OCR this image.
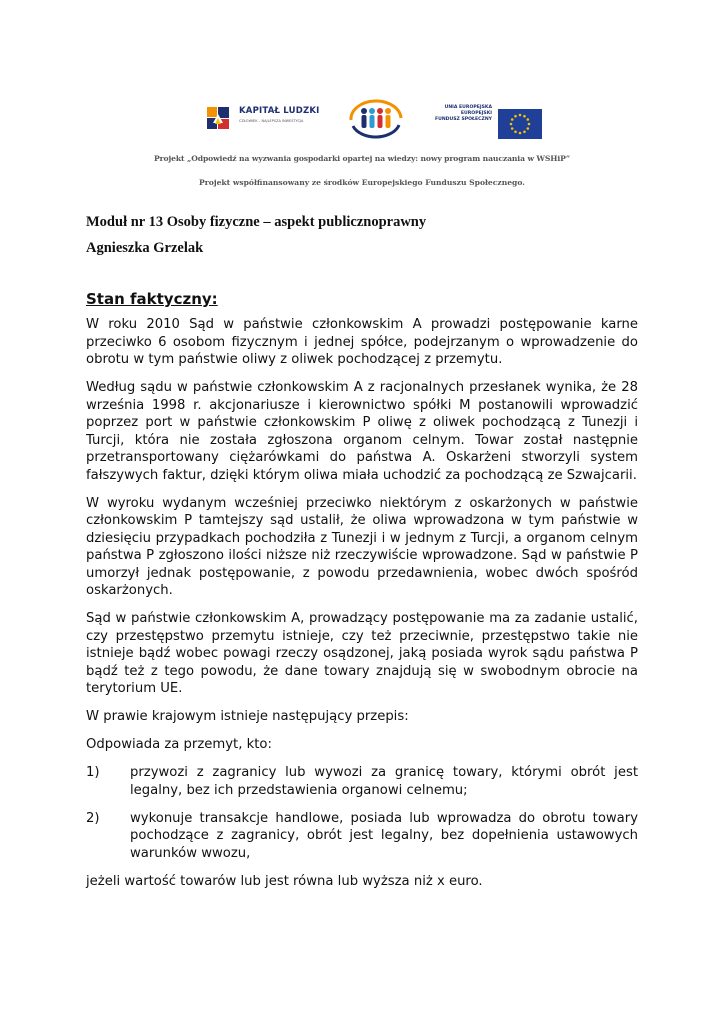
KAPITAŁ LUDZKI
CZŁOWIEK – NAJLEPSZA INWESTYCJA
UNIA EUROPEJSKA
EUROPEJSKI
FUNDUSZ SPOŁECZNY
Projekt „Odpowiedź na wyzwania gospodarki opartej na wiedzy: nowy program nauczania w WSHiP”
Projekt współfinansowany ze środków Europejskiego Funduszu Społecznego.
Moduł nr 13 Osoby fizyczne – aspekt publicznoprawny
Agnieszka Grzelak
Stan faktyczny:

W roku 2010 Sąd w państwie członkowskim A prowadzi postępowanie karne przeciwko 6 osobom fizycznym i jednej spółce, podejrzanym o wprowadzenie do obrotu w tym państwie oliwy z oliwek pochodzącej z przemytu.

Według sądu w państwie członkowskim A z racjonalnych przesłanek wynika, że 28 września 1998 r. akcjonariusze i kierownictwo spółki M postanowili wprowadzić poprzez port w państwie członkowskim P oliwę z oliwek pochodzącą z Tunezji i Turcji, która nie została zgłoszona organom celnym. Towar został następnie przetransportowany ciężarówkami do państwa A. Oskarżeni stworzyli system fałszywych faktur, dzięki którym oliwa miała uchodzić za pochodzącą ze Szwajcarii.

W wyroku wydanym wcześniej przeciwko niektórym z oskarżonych w państwie członkowskim P tamtejszy sąd ustalił, że oliwa wprowadzona w tym państwie w dziesięciu przypadkach pochodziła z Tunezji i w jednym z Turcji, a organom celnym państwa P zgłoszono ilości niższe niż rzeczywiście wprowadzone. Sąd w państwie P umorzył jednak postępowanie, z powodu przedawnienia, wobec dwóch spośród oskarżonych.

Sąd w państwie członkowskim A, prowadzący postępowanie ma za zadanie ustalić, czy przestępstwo przemytu istnieje, czy też przeciwnie, przestępstwo takie nie istnieje bądź wobec powagi rzeczy osądzonej, jaką posiada wyrok sądu państwa P bądź też z tego powodu, że dane towary znajdują się w swobodnym obrocie na terytorium UE.

W prawie krajowym istnieje następujący przepis:

Odpowiada za przemyt, kto:

1)	przywozi z zagranicy lub wywozi za granicę towary, którymi obrót jest legalny, bez ich przedstawienia organowi celnemu;
2)	wykonuje transakcje handlowe, posiada lub wprowadza do obrotu towary pochodzące z zagranicy, obrót jest legalny, bez dopełnienia ustawowych warunków wwozu,

jeżeli wartość towarów lub jest równa lub wyższa niż x euro.
